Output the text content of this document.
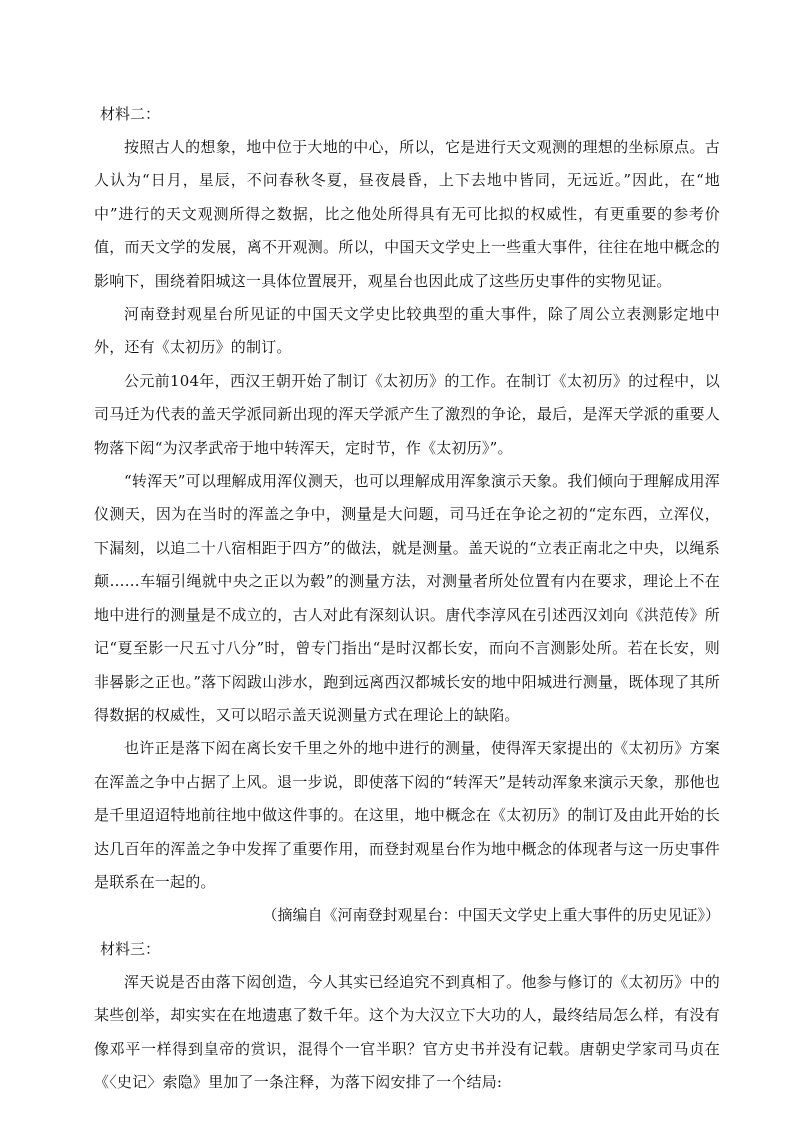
材料二：

按照古人的想象，地中位于大地的中心，所以，它是进行天文观测的理想的坐标原点。古人认为“日月，星辰，不问春秋冬夏，昼夜晨昏，上下去地中皆同，无远近。”因此，在“地中”进行的天文观测所得之数据，比之他处所得具有无可比拟的权威性，有更重要的参考价值，而天文学的发展，离不开观测。所以，中国天文学史上一些重大事件，往往在地中概念的影响下，围绕着阳城这一具体位置展开，观星台也因此成了这些历史事件的实物见证。

河南登封观星台所见证的中国天文学史比较典型的重大事件，除了周公立表测影定地中外，还有《太初历》的制订。

公元前104年，西汉王朝开始了制订《太初历》的工作。在制订《太初历》的过程中，以司马迁为代表的盖天学派同新出现的浑天学派产生了激烈的争论，最后，是浑天学派的重要人物落下闳“为汉孝武帝于地中转浑天，定时节，作《太初历》”。

“转浑天”可以理解成用浑仪测天，也可以理解成用浑象演示天象。我们倾向于理解成用浑仪测天，因为在当时的浑盖之争中，测量是大问题，司马迁在争论之初的“定东西，立浑仪，下漏刻，以追二十八宿相距于四方”的做法，就是测量。盖天说的“立表正南北之中央，以绳系颠……车辐引绳就中央之正以为毂”的测量方法，对测量者所处位置有内在要求，理论上不在地中进行的测量是不成立的，古人对此有深刻认识。唐代李淳风在引述西汉刘向《洪范传》所记“夏至影一尺五寸八分”时，曾专门指出“是时汉都长安，而向不言测影处所。若在长安，则非晷影之正也。”落下闳跋山涉水，跑到远离西汉都城长安的地中阳城进行测量，既体现了其所得数据的权威性，又可以昭示盖天说测量方式在理论上的缺陷。

也许正是落下闳在离长安千里之外的地中进行的测量，使得浑天家提出的《太初历》方案在浑盖之争中占据了上风。退一步说，即使落下闳的“转浑天”是转动浑象来演示天象，那他也是千里迢迢特地前往地中做这件事的。在这里，地中概念在《太初历》的制订及由此开始的长达几百年的浑盖之争中发挥了重要作用，而登封观星台作为地中概念的体现者与这一历史事件是联系在一起的。

（摘编自《河南登封观星台：中国天文学史上重大事件的历史见证》）
材料三：

浑天说是否由落下闳创造，今人其实已经追究不到真相了。他参与修订的《太初历》中的某些创举，却实实在在地遗惠了数千年。这个为大汉立下大功的人，最终结局怎么样，有没有像邓平一样得到皇帝的赏识，混得个一官半职？官方史书并没有记载。唐朝史学家司马贞在《〈史记〉索隐》里加了一条注释，为落下闳安排了一个结局:
